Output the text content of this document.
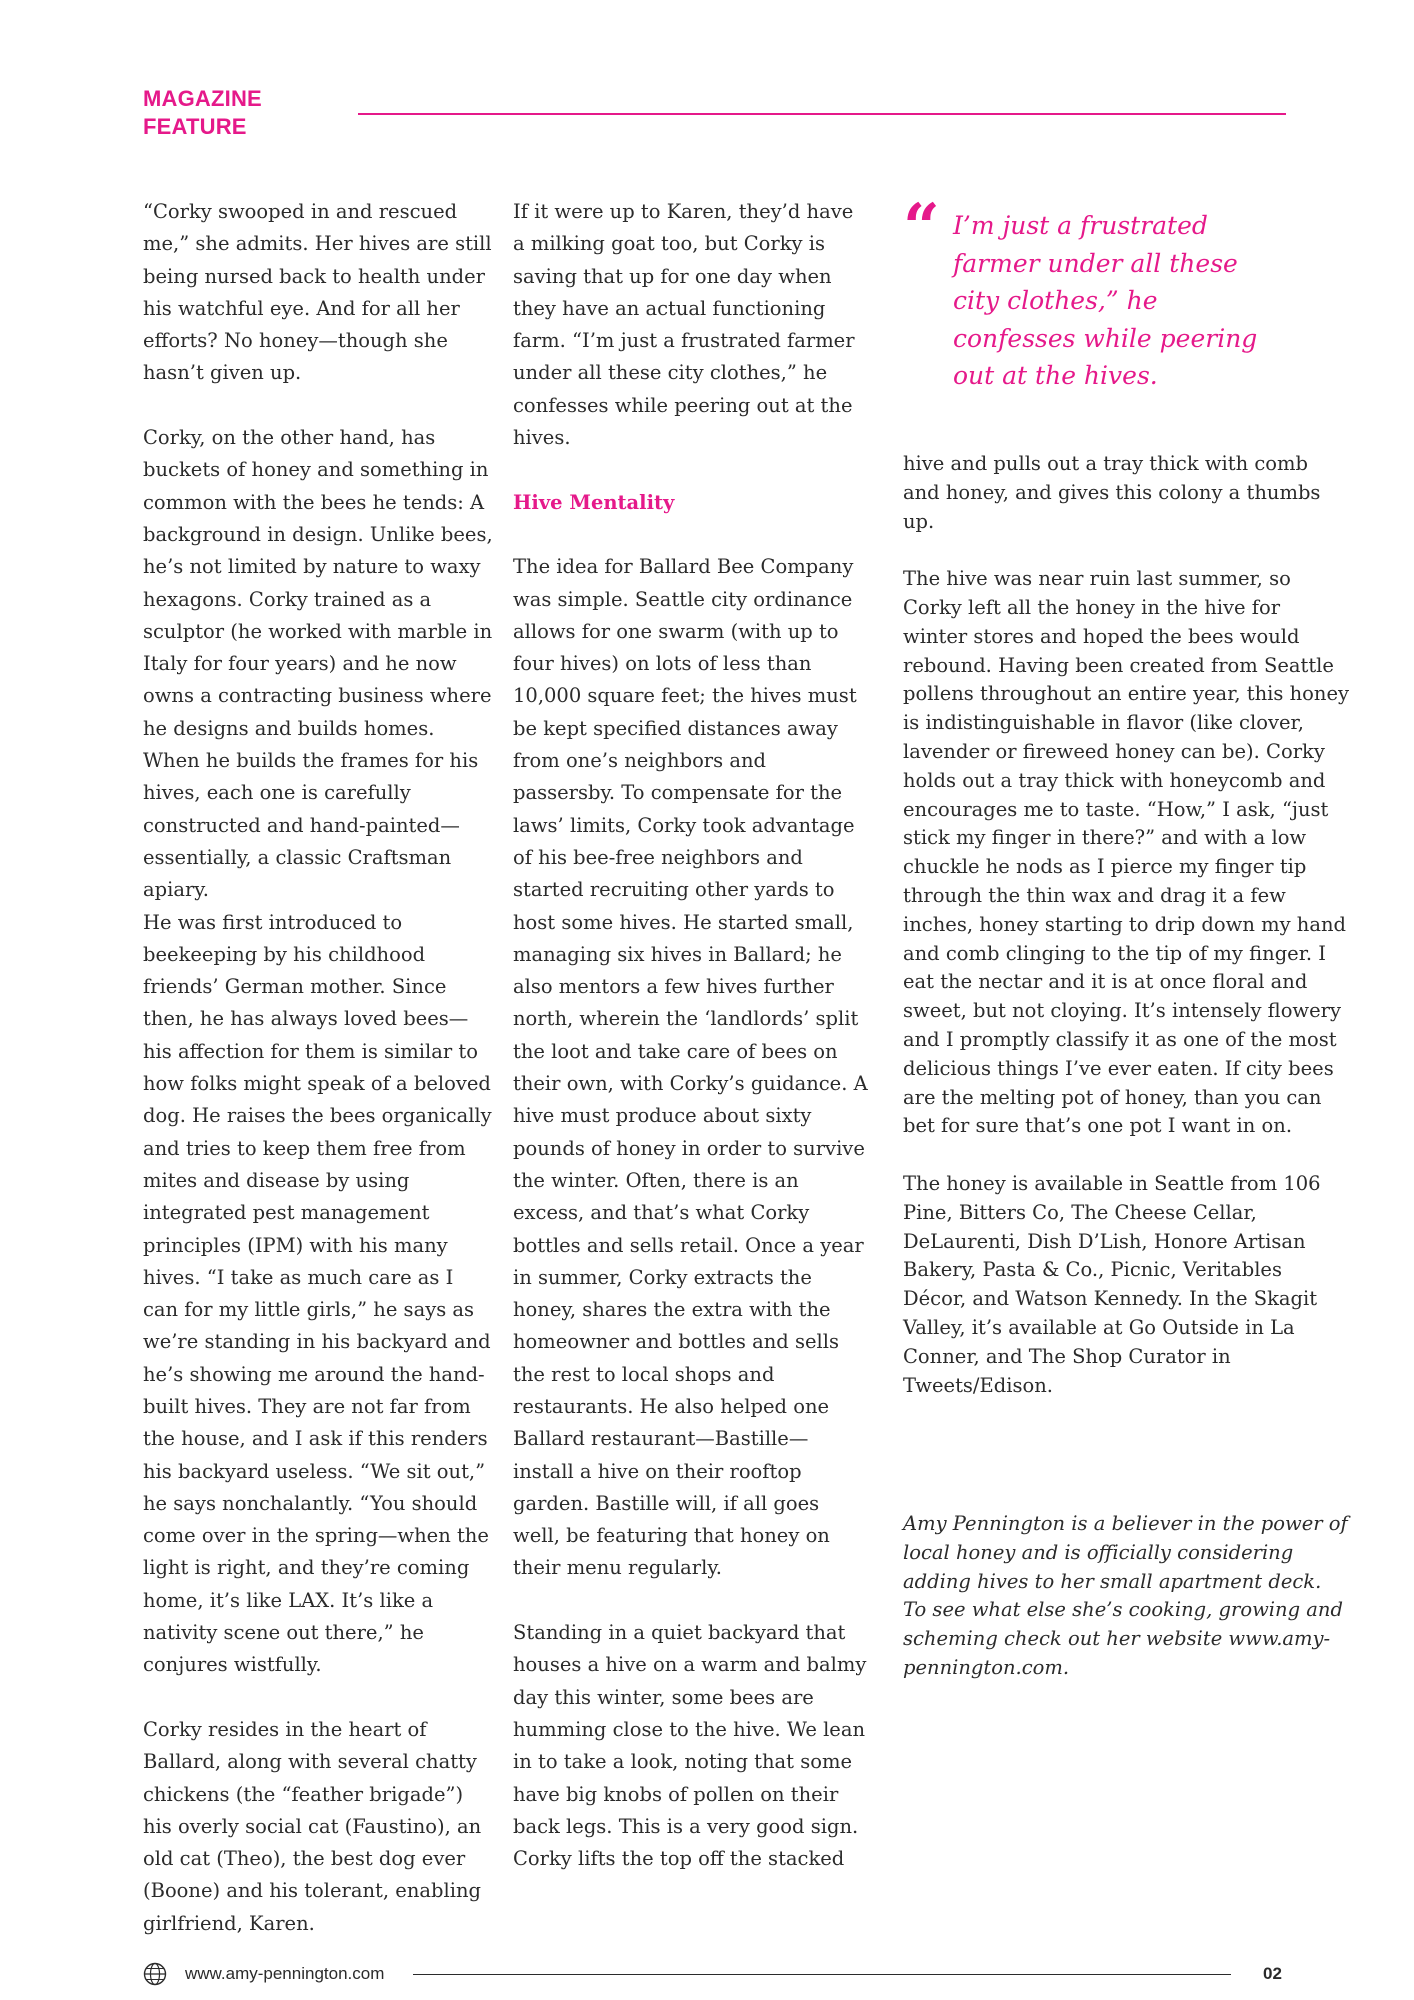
MAGAZINE
FEATURE

“Corky swooped in and rescued me,” she admits. Her hives are still being nursed back to health under his watchful eye. And for all her efforts? No honey—though she hasn’t given up.

Corky, on the other hand, has buckets of honey and something in common with the bees he tends: A background in design. Unlike bees, he’s not limited by nature to waxy hexagons. Corky trained as a sculptor (he worked with marble in Italy for four years) and he now owns a contracting business where he designs and builds homes. When he builds the frames for his hives, each one is carefully constructed and hand-painted—essentially, a classic Craftsman apiary.

He was first introduced to beekeeping by his childhood friends’ German mother. Since then, he has always loved bees—his affection for them is similar to how folks might speak of a beloved dog. He raises the bees organically and tries to keep them free from mites and disease by using integrated pest management principles (IPM) with his many hives. “I take as much care as I can for my little girls,” he says as we’re standing in his backyard and he’s showing me around the hand-built hives. They are not far from the house, and I ask if this renders his backyard useless. “We sit out,” he says nonchalantly. “You should come over in the spring—when the light is right, and they’re coming home, it’s like LAX. It’s like a nativity scene out there,” he conjures wistfully.

Corky resides in the heart of Ballard, along with several chatty chickens (the “feather brigade”) his overly social cat (Faustino), an old cat (Theo), the best dog ever (Boone) and his tolerant, enabling girlfriend, Karen.

If it were up to Karen, they’d have a milking goat too, but Corky is saving that up for one day when they have an actual functioning farm. “I’m just a frustrated farmer under all these city clothes,” he confesses while peering out at the hives.

Hive Mentality

The idea for Ballard Bee Company was simple. Seattle city ordinance allows for one swarm (with up to four hives) on lots of less than 10,000 square feet; the hives must be kept specified distances away from one’s neighbors and passersby. To compensate for the laws’ limits, Corky took advantage of his bee-free neighbors and started recruiting other yards to host some hives. He started small, managing six hives in Ballard; he also mentors a few hives further north, wherein the ‘landlords’ split the loot and take care of bees on their own, with Corky’s guidance. A hive must produce about sixty pounds of honey in order to survive the winter. Often, there is an excess, and that’s what Corky bottles and sells retail. Once a year in summer, Corky extracts the honey, shares the extra with the homeowner and bottles and sells the rest to local shops and restaurants. He also helped one Ballard restaurant—Bastille—install a hive on their rooftop garden. Bastille will, if all goes well, be featuring that honey on their menu regularly.

Standing in a quiet backyard that houses a hive on a warm and balmy day this winter, some bees are humming close to the hive. We lean in to take a look, noting that some have big knobs of pollen on their back legs. This is a very good sign. Corky lifts the top off the stacked

“ I’m just a frustrated farmer under all these city clothes,” he confesses while peering out at the hives.

hive and pulls out a tray thick with comb and honey, and gives this colony a thumbs up.

The hive was near ruin last summer, so Corky left all the honey in the hive for winter stores and hoped the bees would rebound. Having been created from Seattle pollens throughout an entire year, this honey is indistinguishable in flavor (like clover, lavender or fireweed honey can be). Corky holds out a tray thick with honeycomb and encourages me to taste. “How,” I ask, “just stick my finger in there?” and with a low chuckle he nods as I pierce my finger tip through the thin wax and drag it a few inches, honey starting to drip down my hand and comb clinging to the tip of my finger. I eat the nectar and it is at once floral and sweet, but not cloying. It’s intensely flowery and I promptly classify it as one of the most delicious things I’ve ever eaten. If city bees are the melting pot of honey, than you can bet for sure that’s one pot I want in on.

The honey is available in Seattle from 106 Pine, Bitters Co, The Cheese Cellar, DeLaurenti, Dish D’Lish, Honore Artisan Bakery, Pasta & Co., Picnic, Veritables Décor, and Watson Kennedy. In the Skagit Valley, it’s available at Go Outside in La Conner, and The Shop Curator in Tweets/Edison.

Amy Pennington is a believer in the power of local honey and is officially considering adding hives to her small apartment deck. To see what else she’s cooking, growing and scheming check out her website www.amy-pennington.com.
www.amy-pennington.com	02
